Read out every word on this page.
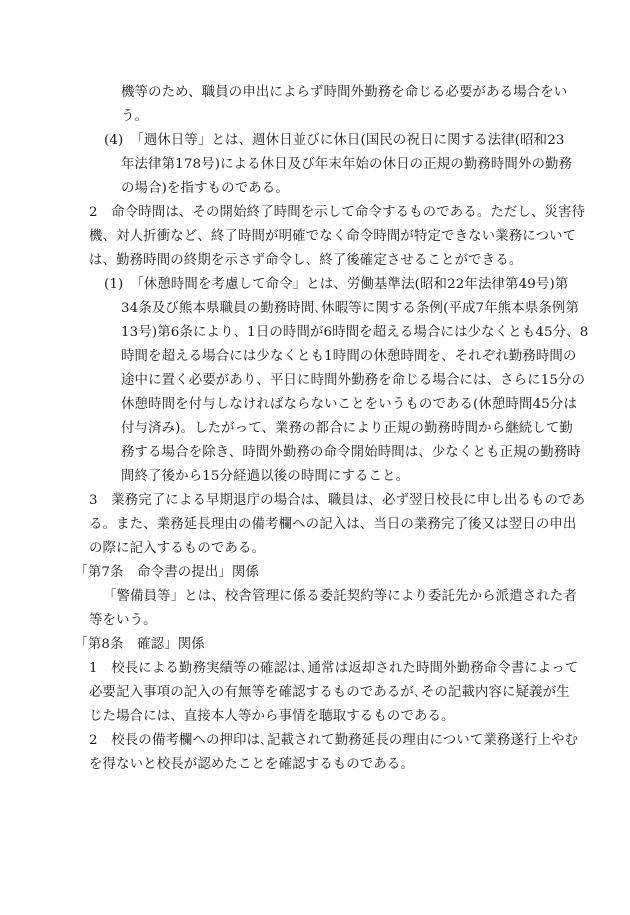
機等のため、職員の申出によらず時間外勤務を命じる必要がある場合をい

う。

(4)　「週休日等」とは、週休日並びに休日(国民の祝日に関する法律(昭和23

年法律第178号)による休日及び年末年始の休日の正規の勤務時間外の勤務

の場合)を指すものである。

2　命令時間は、その開始終了時間を示して命令するものである。ただし、災害待

機、対人折衝など、終了時間が明確でなく命令時間が特定できない業務について

は、勤務時間の終期を示さず命令し、終了後確定させることができる。

(1)　「休憩時間を考慮して命令」とは、労働基準法(昭和22年法律第49号)第

34条及び熊本県職員の勤務時間､休暇等に関する条例(平成7年熊本県条例第

13号)第6条により、1日の時間が6時間を超える場合には少なくとも45分、8

時間を超える場合には少なくとも1時間の休憩時間を、それぞれ勤務時間の

途中に置く必要があり、平日に時間外勤務を命じる場合には、さらに15分の

休憩時間を付与しなければならないことをいうものである(休憩時間45分は

付与済み)。したがって、業務の都合により正規の勤務時間から継続して勤

務する場合を除き、時間外勤務の命令開始時間は、少なくとも正規の勤務時

間終了後から15分経過以後の時間にすること。

3　業務完了による早期退庁の場合は、職員は、必ず翌日校長に申し出るものであ

る。また、業務延長理由の備考欄への記入は、当日の業務完了後又は翌日の申出

の際に記入するものである。

｢第7条　命令書の提出」関係

「警備員等」とは、校舎管理に係る委託契約等により委託先から派遣された者

等をいう。

｢第8条　確認」関係

1　校長による勤務実績等の確認は､通常は返却された時間外勤務命令書によって

必要記入事項の記入の有無等を確認するものであるが､その記載内容に疑義が生

じた場合には、直接本人等から事情を聴取するものである。

2　校長の備考欄への押印は､記載されて勤務延長の理由について業務遂行上やむ

を得ないと校長が認めたことを確認するものである。
